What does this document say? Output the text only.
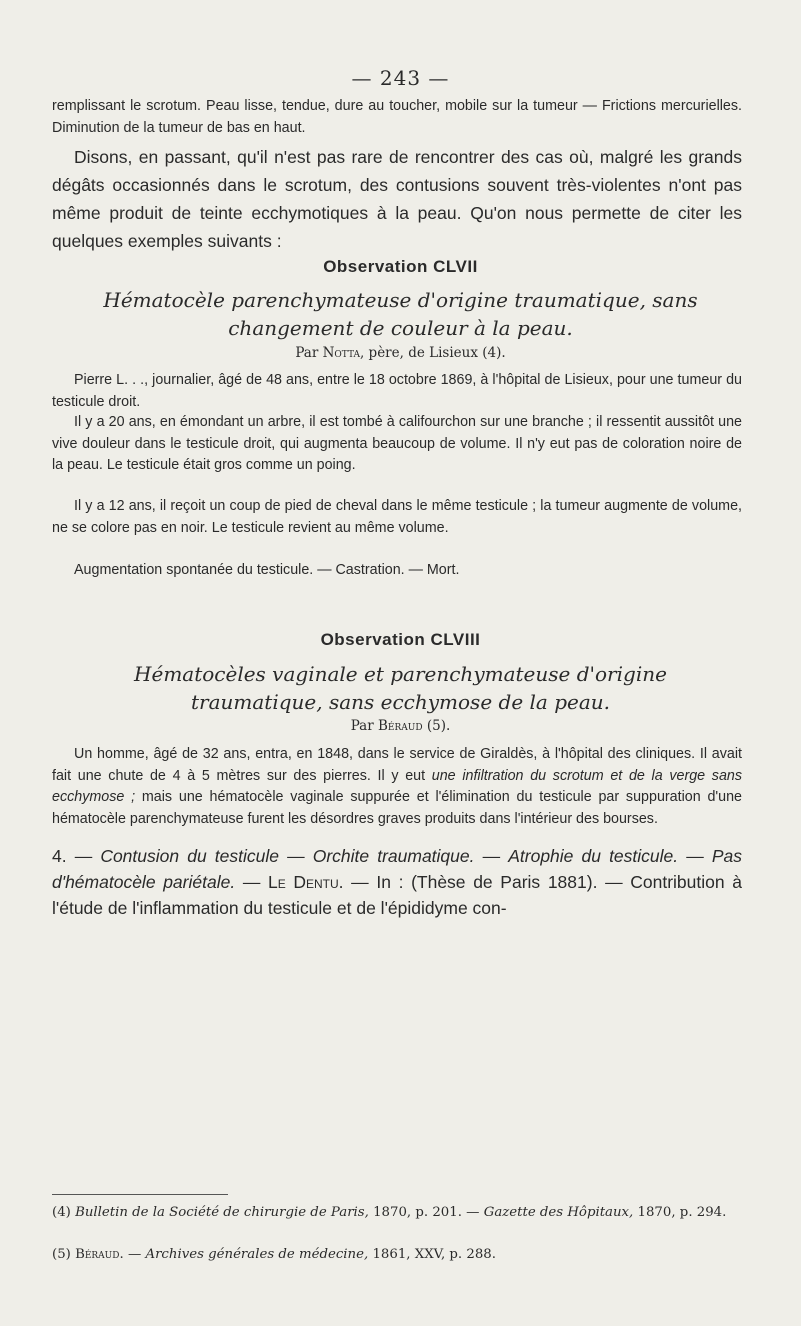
— 243 —

remplissant le scrotum. Peau lisse, tendue, dure au toucher, mobile sur la tumeur — Frictions mercurielles. Diminution de la tumeur de bas en haut.

Disons, en passant, qu'il n'est pas rare de rencontrer des cas où, malgré les grands dégâts occasionnés dans le scrotum, des contusions souvent très-violentes n'ont pas même produit de teinte ecchymotiques à la peau. Qu'on nous permette de citer les quelques exemples suivants :

Observation CLVII
Hématocèle parenchymateuse d'origine traumatique, sans changement de couleur à la peau.
Par Notta, père, de Lisieux (4).

Pierre L. . ., journalier, âgé de 48 ans, entre le 18 octobre 1869, à l'hôpital de Lisieux, pour une tumeur du testicule droit.

Il y a 20 ans, en émondant un arbre, il est tombé à califourchon sur une branche ; il ressentit aussitôt une vive douleur dans le testicule droit, qui augmenta beaucoup de volume. Il n'y eut pas de coloration noire de la peau. Le testicule était gros comme un poing.

Il y a 12 ans, il reçoit un coup de pied de cheval dans le même testicule ; la tumeur augmente de volume, ne se colore pas en noir. Le testicule revient au même volume.

Augmentation spontanée du testicule. — Castration. — Mort.

Observation CLVIII
Hématocèles vaginale et parenchymateuse d'origine traumatique, sans ecchymose de la peau.
Par Béraud (5).

Un homme, âgé de 32 ans, entra, en 1848, dans le service de Giraldès, à l'hôpital des cliniques. Il avait fait une chute de 4 à 5 mètres sur des pierres. Il y eut une infiltration du scrotum et de la verge sans ecchymose ; mais une hématocèle vaginale suppurée et l'élimination du testicule par suppuration d'une hématocèle parenchymateuse furent les désordres graves produits dans l'intérieur des bourses.

4. — Contusion du testicule — Orchite traumatique. — Atrophie du testicule. — Pas d'hématocèle pariétale. — Le Dentu. — In : (Thèse de Paris 1881). — Contribution à l'étude de l'inflammation du testicule et de l'épididyme con-

(4) Bulletin de la Société de chirurgie de Paris, 1870, p. 201. — Gazette des Hôpitaux, 1870, p. 294.

(5) Béraud. — Archives générales de médecine, 1861, XXV, p. 288.
